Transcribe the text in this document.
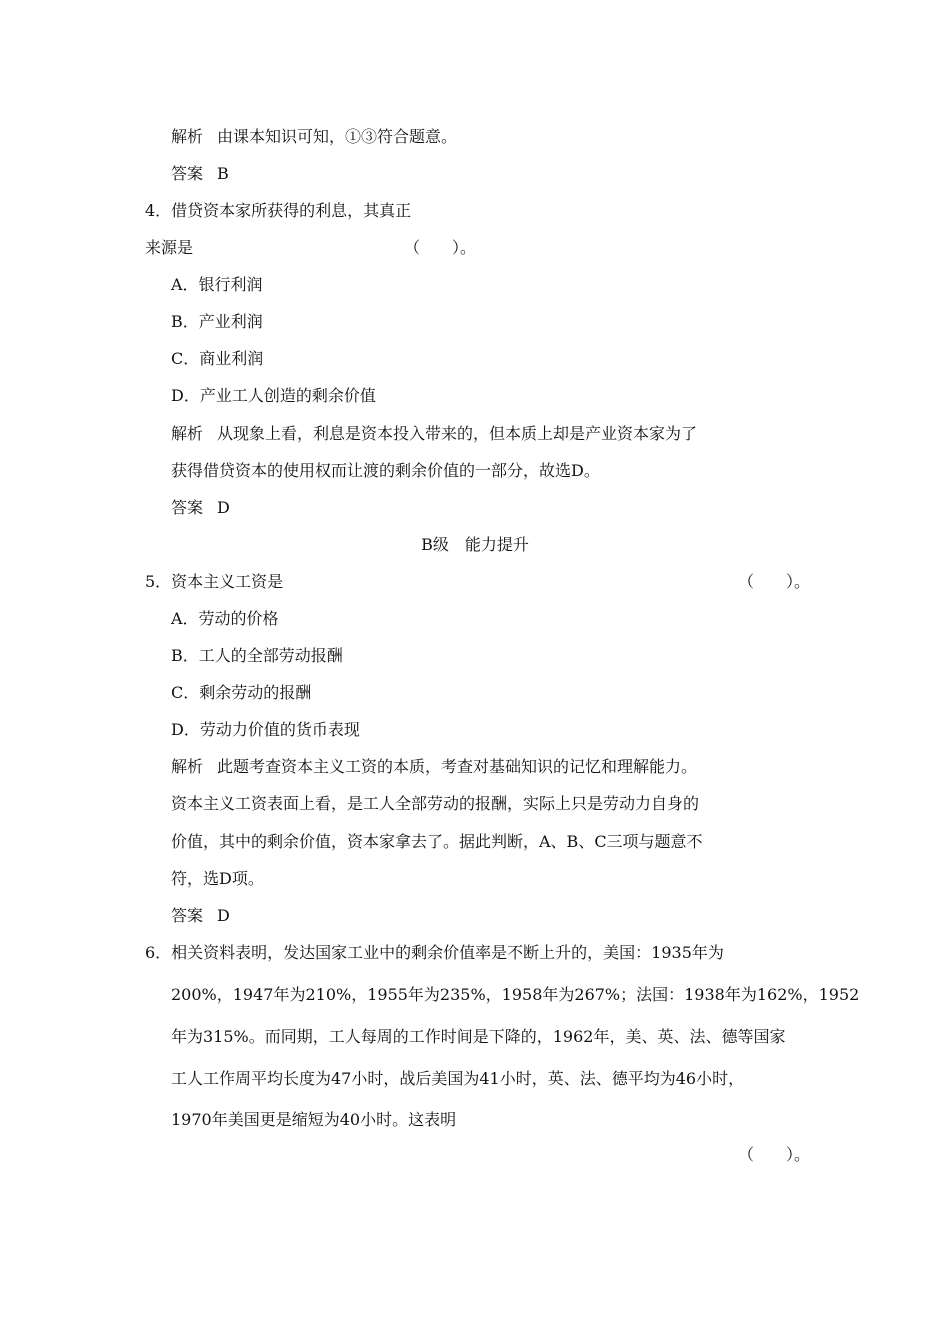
解析 由课本知识可知，①③符合题意。
答案 B
4．借贷资本家所获得的利息，其真正
来源是	（　　）。
A．银行利润
B．产业利润
C．商业利润
D．产业工人创造的剩余价值
解析 从现象上看，利息是资本投入带来的，但本质上却是产业资本家为了
获得借贷资本的使用权而让渡的剩余价值的一部分，故选D。
答案 D
B级　能力提升
5．资本主义工资是	（　　）。
A．劳动的价格
B．工人的全部劳动报酬
C．剩余劳动的报酬
D．劳动力价值的货币表现
解析 此题考查资本主义工资的本质，考查对基础知识的记忆和理解能力。
资本主义工资表面上看，是工人全部劳动的报酬，实际上只是劳动力自身的
价值，其中的剩余价值，资本家拿去了。据此判断，A、B、C三项与题意不
符，选D项。
答案 D
6．相关资料表明，发达国家工业中的剩余价值率是不断上升的，美国：1935年为
200%，1947年为210%，1955年为235%，1958年为267%；法国：1938年为162%，1952
年为315%。而同期，工人每周的工作时间是下降的，1962年，美、英、法、德等国家
工人工作周平均长度为47小时，战后美国为41小时，英、法、德平均为46小时，
1970年美国更是缩短为40小时。这表明
（　　）。
